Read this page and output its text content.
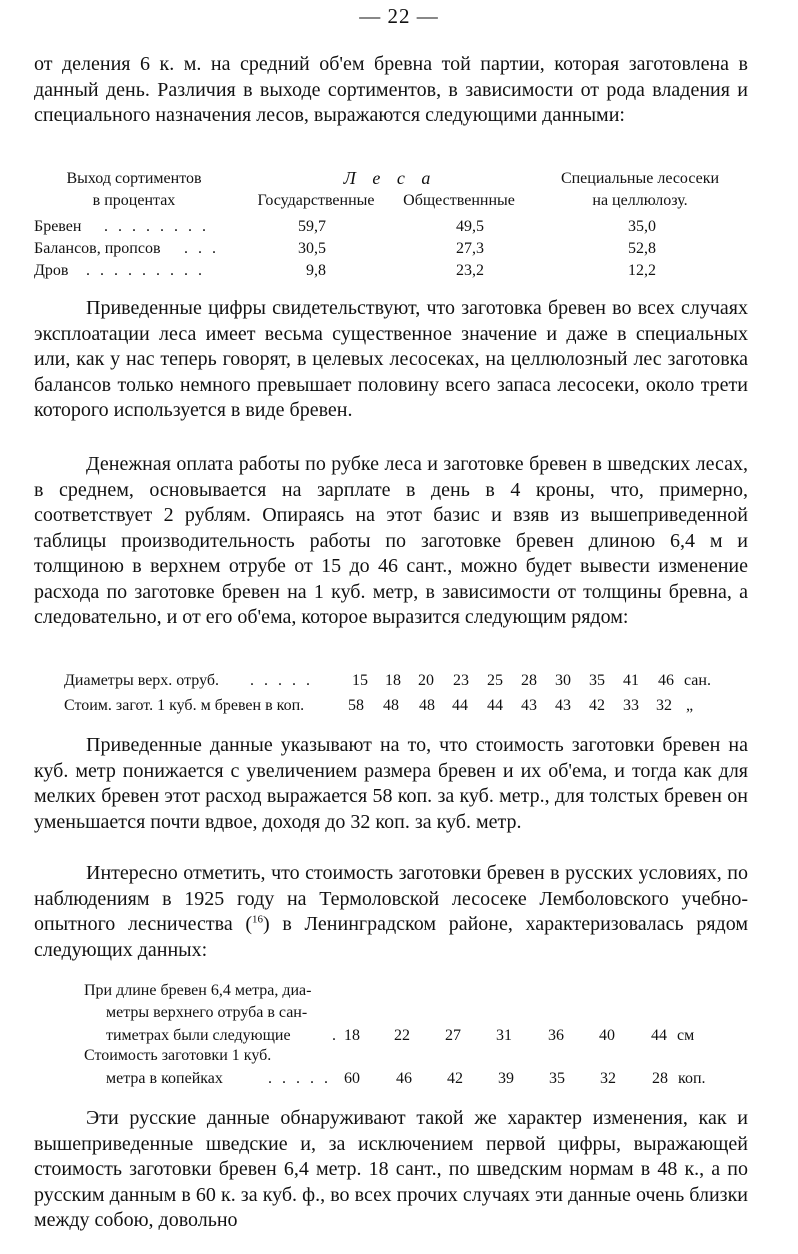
— 22 —

от деления 6 к. м. на средний об'ем бревна той партии, которая заготовлена в данный день. Различия в выходе сортиментов, в зависимости от рода владения и специального назначения лесов, выражаются следующими данными:

Выход сортиментов
в процентах
Л е с а
Государственные	Общественнные
Специальные лесосеки
на целлюлозу.
Бревен . . . . . . . .	59,7	49,5	35,0
Балансов, пропсов . . .	30,5	27,3	52,8
Дров . . . . . . . . .	9,8	23,2	12,2

Приведенные цифры свидетельствуют, что заготовка бревен во всех случаях эксплоатации леса имеет весьма существенное значение и даже в специальных или, как у нас теперь говорят, в целевых лесосеках, на целлюлозный лес заготовка балансов только немного превышает половину всего запаса лесосеки, около трети которого используется в виде бревен.

Денежная оплата работы по рубке леса и заготовке бревен в шведских лесах, в среднем, основывается на зарплате в день в 4 кроны, что, примерно, соответствует 2 рублям. Опираясь на этот базис и взяв из вышеприведенной таблицы производительность работы по заготовке бревен длиною 6,4 м и толщиною в верхнем отрубе от 15 до 46 сант., можно будет вывести изменение расхода по заготовке бревен на 1 куб. метр, в зависимости от толщины бревна, а следовательно, и от его об'ема, которое выразится следующим рядом:

Диаметры верх. отруб. . . . . .	15	18	20	23	25	28	30	35	41	46 сан.
Стоим. загот. 1 куб. м бревен в коп.	58	48	48	44	44	43	43	42	33	32 „

Приведенные данные указывают на то, что стоимость заготовки бревен на куб. метр понижается с увеличением размера бревен и их об'ема, и тогда как для мелких бревен этот расход выражается 58 коп. за куб. метр., для толстых бревен он уменьшается почти вдвое, доходя до 32 коп. за куб. метр.

Интересно отметить, что стоимость заготовки бревен в русских условиях, по наблюдениям в 1925 году на Термоловской лесосеке Лемболовского учебно-опытного лесничества ($^{16}$) в Ленинградском районе, характеризовалась рядом следующих данных:

При длине бревен 6,4 метра, диа-
метры верхнего отруба в сан-
тиметрах были следующие	. 18	22	27	31	36	40	44 см
Стоимость заготовки 1 куб.
метра в копейках	. . . . . 60	46	42	39	35	32	28 коп.

Эти русские данные обнаруживают такой же характер изменения, как и вышеприведенные шведские и, за исключением первой цифры, выражающей стоимость заготовки бревен 6,4 метр. 18 сант., по шведским нормам в 48 к., а по русским данным в 60 к. за куб. ф., во всех прочих случаях эти данные очень близки между собою, довольно
